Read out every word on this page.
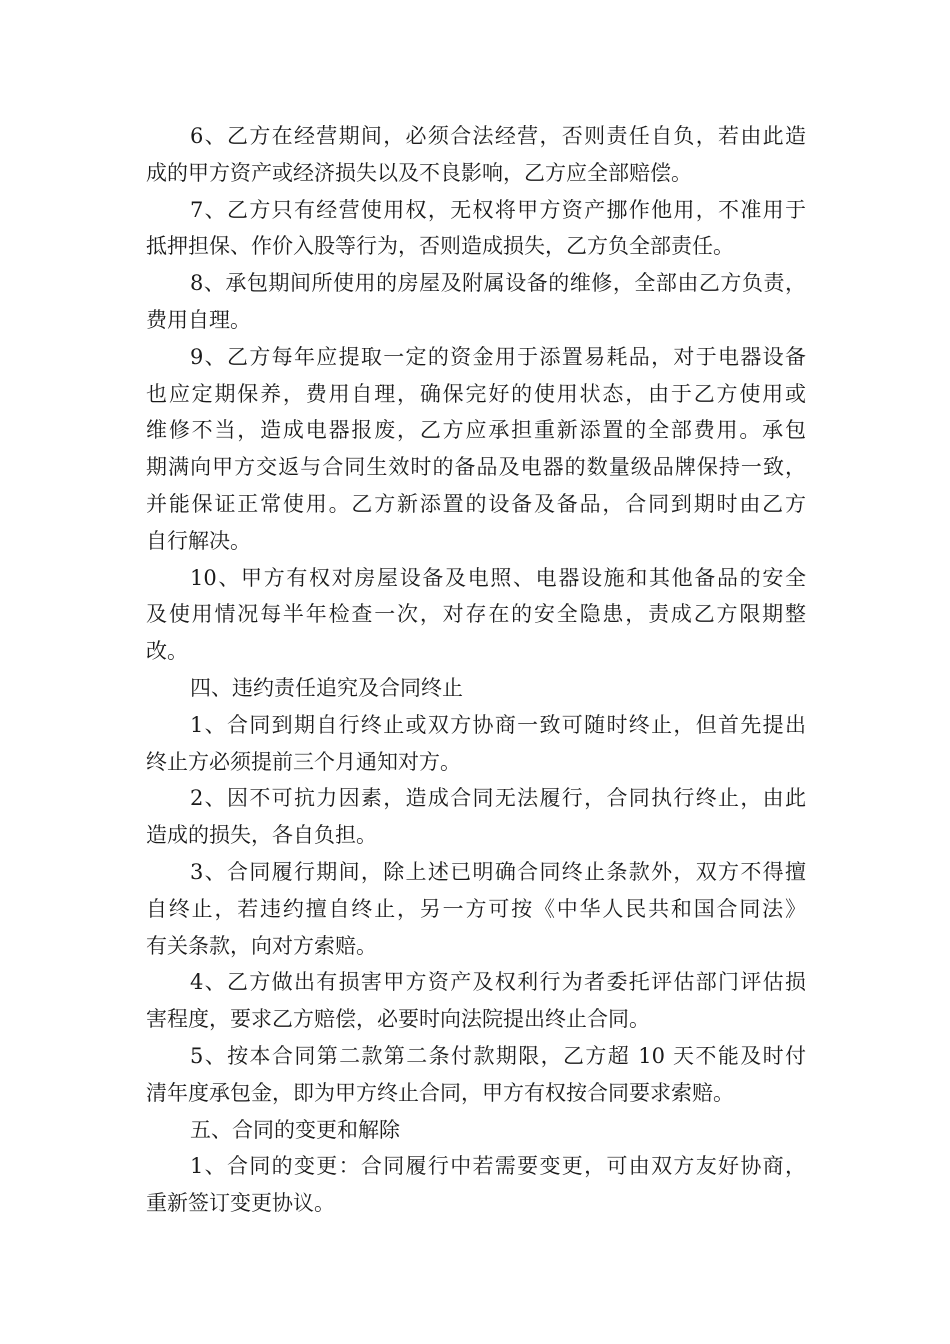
6、乙方在经营期间，必须合法经营，否则责任自负，若由此造
成的甲方资产或经济损失以及不良影响，乙方应全部赔偿。
7、乙方只有经营使用权，无权将甲方资产挪作他用，不准用于
抵押担保、作价入股等行为，否则造成损失，乙方负全部责任。
8、承包期间所使用的房屋及附属设备的维修，全部由乙方负责，
费用自理。
9、乙方每年应提取一定的资金用于添置易耗品，对于电器设备
也应定期保养，费用自理，确保完好的使用状态，由于乙方使用或
维修不当，造成电器报废，乙方应承担重新添置的全部费用。承包
期满向甲方交返与合同生效时的备品及电器的数量级品牌保持一致，
并能保证正常使用。乙方新添置的设备及备品，合同到期时由乙方
自行解决。
10、甲方有权对房屋设备及电照、电器设施和其他备品的安全
及使用情况每半年检查一次，对存在的安全隐患，责成乙方限期整
改。
四、违约责任追究及合同终止
1、合同到期自行终止或双方协商一致可随时终止，但首先提出
终止方必须提前三个月通知对方。
2、因不可抗力因素，造成合同无法履行，合同执行终止，由此
造成的损失，各自负担。
3、合同履行期间，除上述已明确合同终止条款外，双方不得擅
自终止，若违约擅自终止，另一方可按《中华人民共和国合同法》
有关条款，向对方索赔。
4、乙方做出有损害甲方资产及权利行为者委托评估部门评估损
害程度，要求乙方赔偿，必要时向法院提出终止合同。
5、按本合同第二款第二条付款期限，乙方超 10 天不能及时付
清年度承包金，即为甲方终止合同，甲方有权按合同要求索赔。
五、合同的变更和解除
1、合同的变更：合同履行中若需要变更，可由双方友好协商，
重新签订变更协议。
